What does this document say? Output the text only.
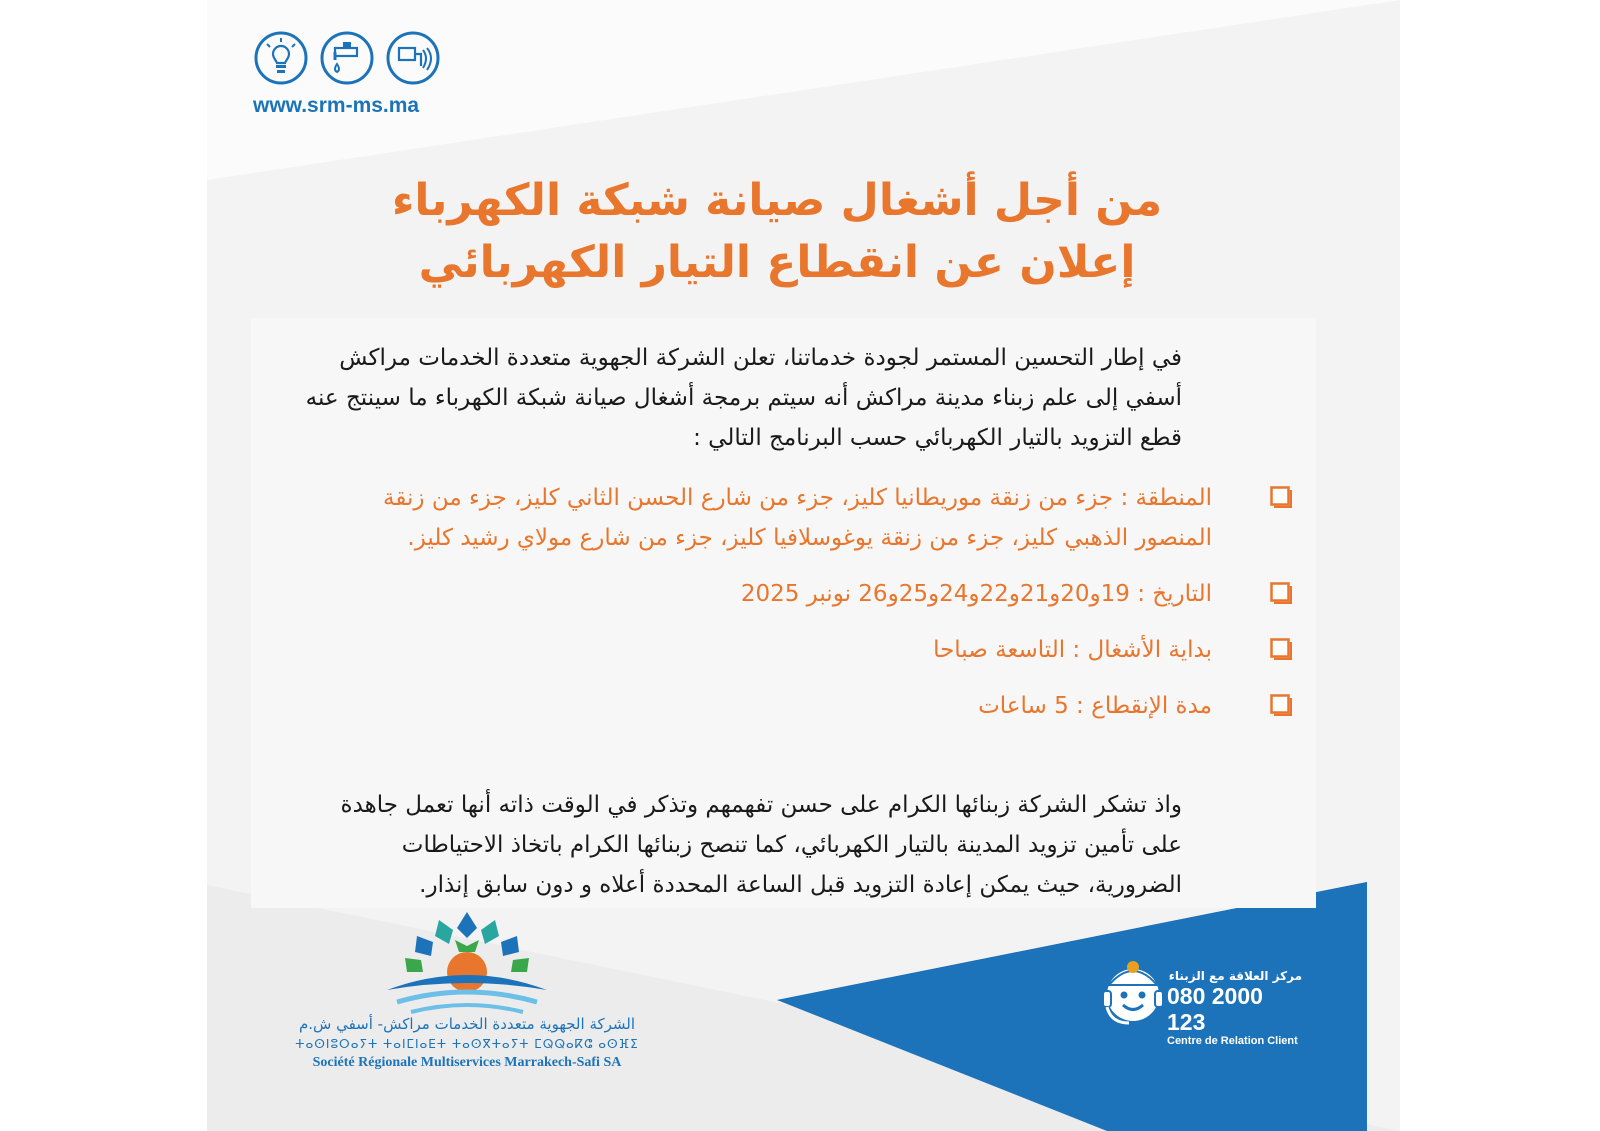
www.srm-ms.ma
من أجل أشغال صيانة شبكة الكهرباء
إعلان عن انقطاع التيار الكهربائي
في إطار التحسين المستمر لجودة خدماتنا، تعلن الشركة الجهوية متعددة الخدمات مراكش أسفي إلى علم زبناء مدينة مراكش أنه سيتم برمجة أشغال صيانة شبكة الكهرباء ما سينتج عنه قطع التزويد بالتيار الكهربائي حسب البرنامج التالي :
المنطقة : جزء من زنقة موريطانيا كليز، جزء من شارع الحسن الثاني كليز، جزء من زنقة المنصور الذهبي كليز، جزء من زنقة يوغوسلافيا كليز، جزء من شارع مولاي رشيد كليز.
التاريخ : 19و20و21و22و24و25و26 نونبر 2025
بداية الأشغال : التاسعة صباحا
مدة الإنقطاع : 5 ساعات
واذ تشكر الشركة زبنائها الكرام على حسن تفهمهم وتذكر في الوقت ذاته أنها تعمل جاهدة على تأمين تزويد المدينة بالتيار الكهربائي، كما تنصح زبنائها الكرام باتخاذ الاحتياطات الضرورية، حيث يمكن إعادة التزويد قبل الساعة المحددة أعلاه و دون سابق إنذار.
الشركة الجهوية متعددة الخدمات مراكش- أسفي ش.م
ⵜⴰⵙⵏⵓⵔⴰⵢⵜ ⵜⴰⵏⵎⵏⴰⴹⵜ ⵜⴰⵙⴳⵜⴰⵢⵜ ⵎⵕⵕⴰⴽⵛ ⴰⵙⴼⵉ
Société Régionale Multiservices Marrakech-Safi SA
مركز العلاقة مع الزبناء
080 2000 123
Centre de Relation Client
